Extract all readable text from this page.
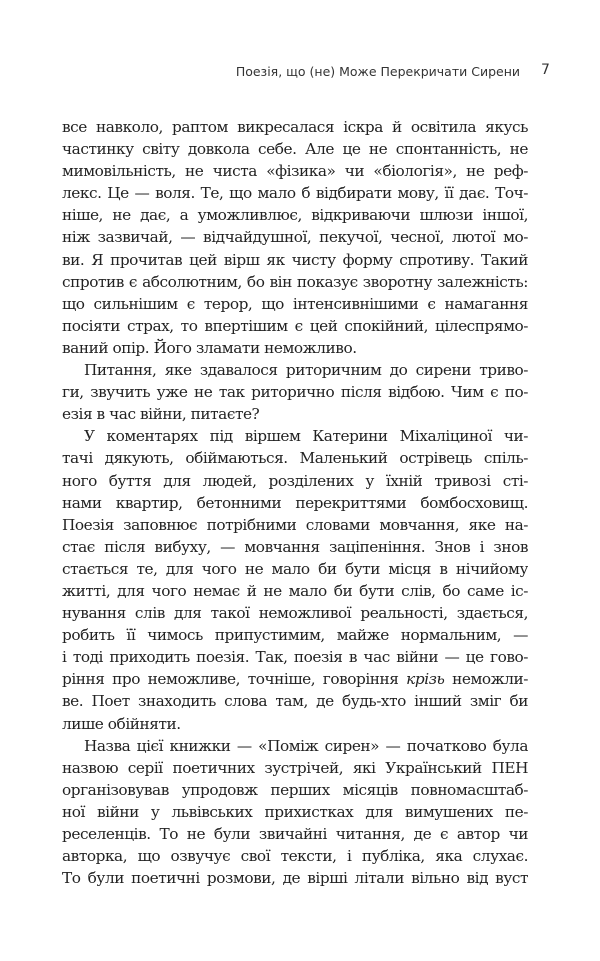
Поезія, що (не) Може Перекричати Сирени 7
все навколо, раптом викресалася іскра й освітила якусь
частинку світу довкола себе. Але це не спонтанність, не
мимовільність, не чиста «фізика» чи «біологія», не реф-
лекс. Це — воля. Те, що мало б відбирати мову, її дає. Точ-
ніше, не дає, а уможливлює, відкриваючи шлюзи іншої,
ніж зазвичай, — відчайдушної, пекучої, чесної, лютої мо-
ви. Я прочитав цей вірш як чисту форму спротиву. Такий
спротив є абсолютним, бо він показує зворотну залежність:
що сильнішим є терор, що інтенсивнішими є намагання
посіяти страх, то впертішим є цей спокійний, цілеспрямо-
ваний опір. Його зламати неможливо.
Питання, яке здавалося риторичним до сирени триво-
ги, звучить уже не так риторично після відбою. Чим є по-
езія в час війни, питаєте?
У коментарях під віршем Катерини Міхаліциної чи-
тачі дякують, обіймаються. Маленький острівець спіль-
ного буття для людей, розділених у їхній тривозі сті-
нами квартир, бетонними перекриттями бомбосховищ.
Поезія заповнює потрібними словами мовчання, яке на-
стає після вибуху, — мовчання заціпеніння. Знов і знов
стається те, для чого не мало би бути місця в нічийому
житті, для чого немає й не мало би бути слів, бо саме іс-
нування слів для такої неможливої реальності, здається,
робить її чимось припустимим, майже нормальним, —
і тоді приходить поезія. Так, поезія в час війни — це гово-
ріння про неможливе, точніше, говоріння крізь неможли-
ве. Поет знаходить слова там, де будь-хто інший зміг би
лише обійняти.
Назва цієї книжки — «Поміж сирен» — початково була
назвою серії поетичних зустрічей, які Український ПЕН
організовував упродовж перших місяців повномасштаб-
ної війни у львівських прихистках для вимушених пе-
реселенців. То не були звичайні читання, де є автор чи
авторка, що озвучує свої тексти, і публіка, яка слухає.
То були поетичні розмови, де вірші літали вільно від вуст
